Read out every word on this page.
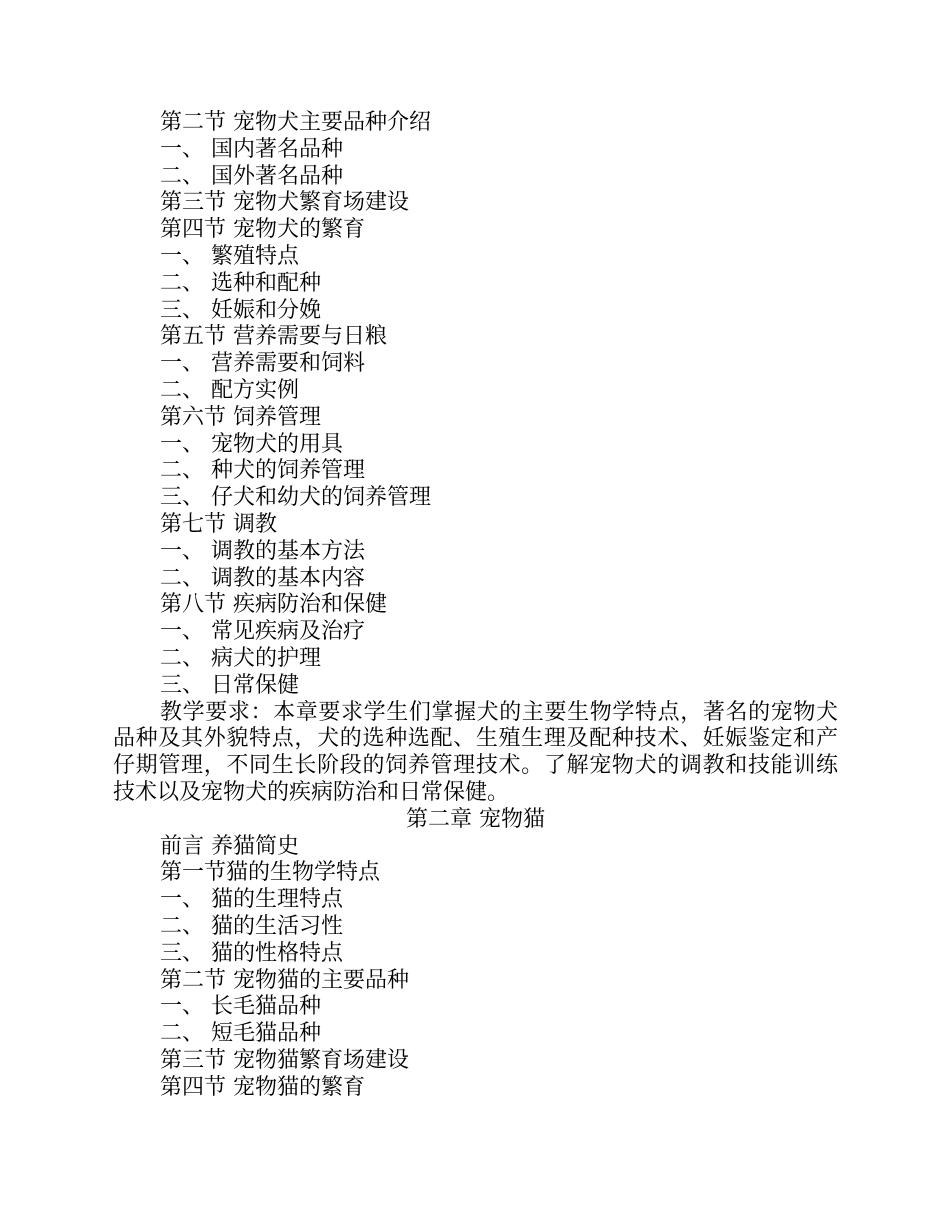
第二节 宠物犬主要品种介绍
一、 国内著名品种
二、 国外著名品种
第三节 宠物犬繁育场建设
第四节 宠物犬的繁育
一、 繁殖特点
二、 选种和配种
三、 妊娠和分娩
第五节 营养需要与日粮
一、 营养需要和饲料
二、 配方实例
第六节 饲养管理
一、 宠物犬的用具
二、 种犬的饲养管理
三、 仔犬和幼犬的饲养管理
第七节 调教
一、 调教的基本方法
二、 调教的基本内容
第八节 疾病防治和保健
一、 常见疾病及治疗
二、 病犬的护理
三、 日常保健
教学要求：本章要求学生们掌握犬的主要生物学特点，著名的宠物犬品种及其外貌特点，犬的选种选配、生殖生理及配种技术、妊娠鉴定和产仔期管理，不同生长阶段的饲养管理技术。了解宠物犬的调教和技能训练技术以及宠物犬的疾病防治和日常保健。
第二章 宠物猫
前言 养猫简史
第一节猫的生物学特点
一、 猫的生理特点
二、 猫的生活习性
三、 猫的性格特点
第二节 宠物猫的主要品种
一、 长毛猫品种
二、 短毛猫品种
第三节 宠物猫繁育场建设
第四节 宠物猫的繁育
